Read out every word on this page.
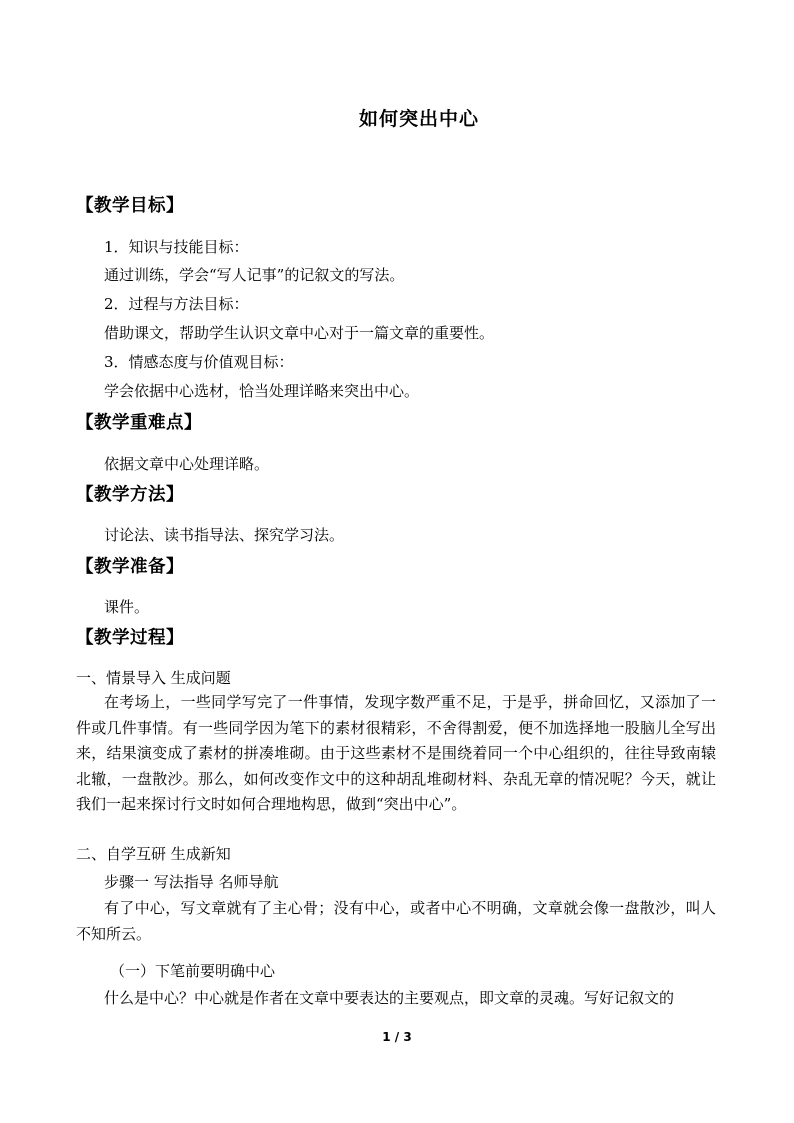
如何突出中心
【教学目标】
1．知识与技能目标：
通过训练，学会“写人记事”的记叙文的写法。
2．过程与方法目标：
借助课文，帮助学生认识文章中心对于一篇文章的重要性。
3．情感态度与价值观目标：
学会依据中心选材，恰当处理详略来突出中心。
【教学重难点】
依据文章中心处理详略。
【教学方法】
讨论法、读书指导法、探究学习法。
【教学准备】
课件。
【教学过程】
一、情景导入 生成问题
在考场上，一些同学写完了一件事情，发现字数严重不足，于是乎，拼命回忆，又添加了一件或几件事情。有一些同学因为笔下的素材很精彩，不舍得割爱，便不加选择地一股脑儿全写出来，结果演变成了素材的拼凑堆砌。由于这些素材不是围绕着同一个中心组织的，往往导致南辕北辙，一盘散沙。那么，如何改变作文中的这种胡乱堆砌材料、杂乱无章的情况呢？今天，就让我们一起来探讨行文时如何合理地构思，做到“突出中心”。
二、自学互研 生成新知
步骤一 写法指导 名师导航
有了中心，写文章就有了主心骨；没有中心，或者中心不明确，文章就会像一盘散沙，叫人不知所云。
（一）下笔前要明确中心
什么是中心？中心就是作者在文章中要表达的主要观点，即文章的灵魂。写好记叙文的
1 / 3
